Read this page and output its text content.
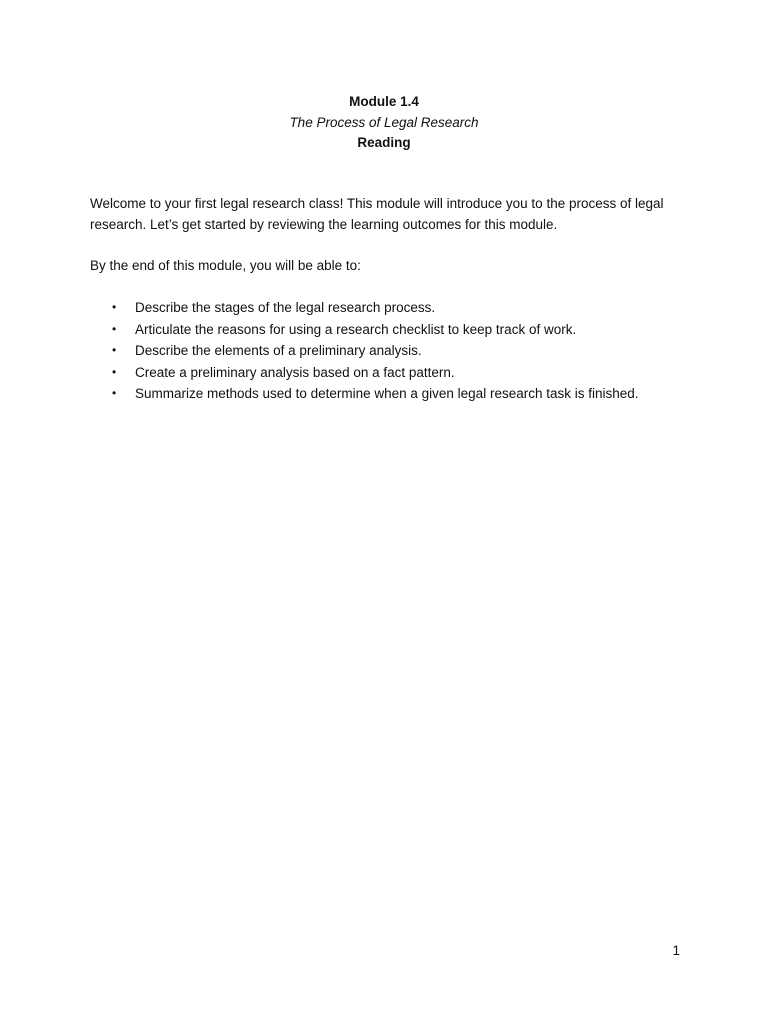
Module 1.4
The Process of Legal Research
Reading

Welcome to your first legal research class! This module will introduce you to the process of legal research. Let’s get started by reviewing the learning outcomes for this module.

By the end of this module, you will be able to:

• Describe the stages of the legal research process.
• Articulate the reasons for using a research checklist to keep track of work.
• Describe the elements of a preliminary analysis.
• Create a preliminary analysis based on a fact pattern.
• Summarize methods used to determine when a given legal research task is finished.
1
